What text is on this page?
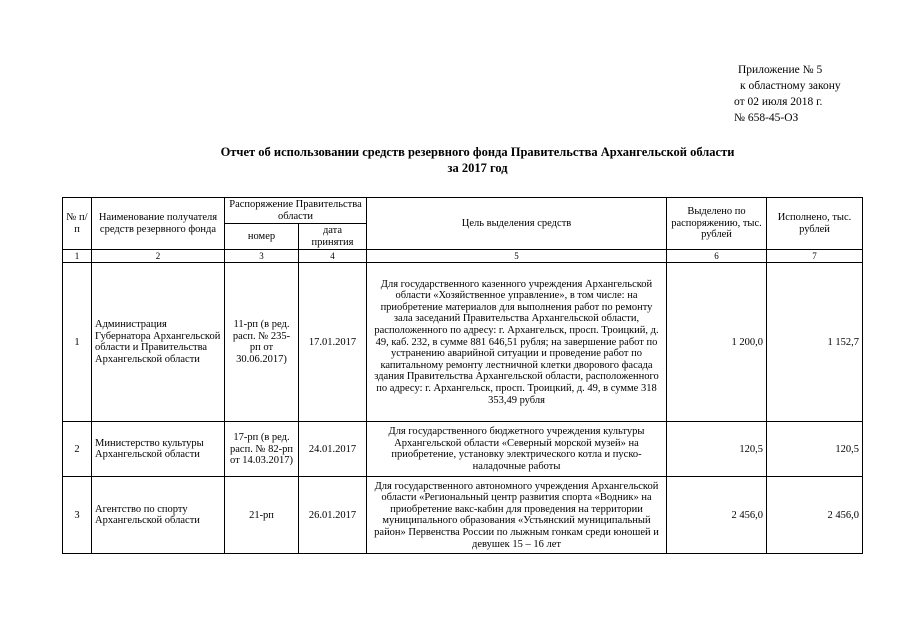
Приложение № 5
к областному закону
от 02 июля 2018 г.
№ 658-45-ОЗ
Отчет об использовании средств резервного фонда Правительства Архангельской области
за 2017 год
№ п/п	Наименование получателя средств резервного фонда	Распоряжение Правительства области		Цель выделения средств	Выделено по распоряжению, тыс. рублей	Исполнено, тыс. рублей
		номер	дата принятия			
1	2	3	4	5	6	7
1	Администрация Губернатора Архангельской области и Правительства Архангельской области	11-рп (в ред. расп. № 235-рп от 30.06.2017)	17.01.2017	Для государственного казенного учреждения Архангельской области «Хозяйственное управление», в том числе: на приобретение материалов для выполнения работ по ремонту зала заседаний Правительства Архангельской области, расположенного по адресу: г. Архангельск, просп. Троицкий, д. 49, каб. 232, в сумме 881 646,51 рубля; на завершение работ по устранению аварийной ситуации и проведение работ по капитальному ремонту лестничной клетки дворового фасада здания Правительства Архангельской области, расположенного по адресу: г. Архангельск, просп. Троицкий, д. 49, в сумме 318 353,49 рубля	1 200,0	1 152,7
2	Министерство культуры Архангельской области	17-рп (в ред. расп. № 82-рп от 14.03.2017)	24.01.2017	Для государственного бюджетного учреждения культуры Архангельской области «Северный морской музей» на приобретение, установку электрического котла и пуско-наладочные работы	120,5	120,5
3	Агентство по спорту Архангельской области	21-рп	26.01.2017	Для государственного автономного учреждения Архангельской области «Региональный центр развития спорта «Водник» на приобретение вакс-кабин для проведения на территории муниципального образования «Устьянский муниципальный район» Первенства России по лыжным гонкам среди юношей и девушек 15 – 16 лет	2 456,0	2 456,0
